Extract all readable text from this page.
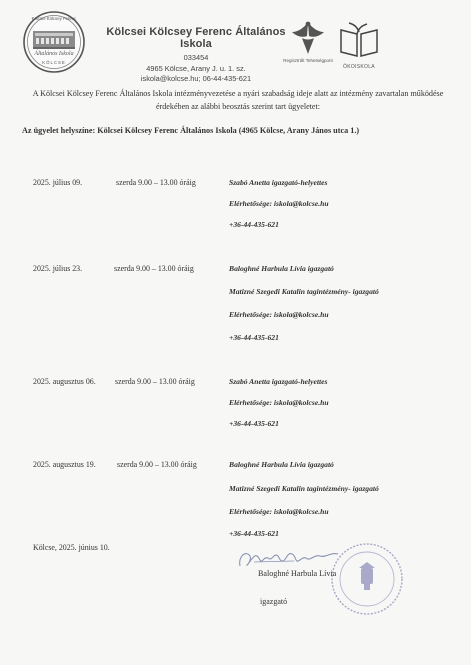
Kölcsei Kölcsey Ferenc
Általános Iskola
KÖLCSE
Kölcsei Kölcsey Ferenc Általános Iskola
033454
4965 Kölcse, Arany J. u. 1. sz.
iskola@kolcse.hu; 06-44-435-621
Regisztrált Tehetségpont
ÖKOISKOLA
A Kölcsei Kölcsey Ferenc Általános Iskola intézményvezetése a nyári szabadság ideje alatt az intézmény zavartalan működése érdekében az alábbi beosztás szerint tart ügyeletet:
Az ügyelet helyszíne: Kölcsei Kölcsey Ferenc Általános Iskola (4965 Kölcse, Arany János utca 1.)
2025. július 09.	szerda 9.00 – 13.00 óráig	Szabó Anetta igazgató-helyettes
Elérhetősége: iskola@kolcse.hu
+36-44-435-621
2025. július 23.	szerda 9.00 – 13.00 óráig	Baloghné Harbula Lívia igazgató
Matizné Szegedi Katalin tagintézmény- igazgató
Elérhetősége: iskola@kolcse.hu
+36-44-435-621
2025. augusztus 06. szerda 9.00 – 13.00 óráig	Szabó Anetta igazgató-helyettes
Elérhetősége: iskola@kolcse.hu
+36-44-435-621
2025. augusztus 19.	szerda 9.00 – 13.00 óráig	Baloghné Harbula Lívia igazgató
Matizné Szegedi Katalin tagintézmény- igazgató
Elérhetősége: iskola@kolcse.hu
+36-44-435-621
Kölcse, 2025. június 10.
Baloghné Harbula Lívia
igazgató
